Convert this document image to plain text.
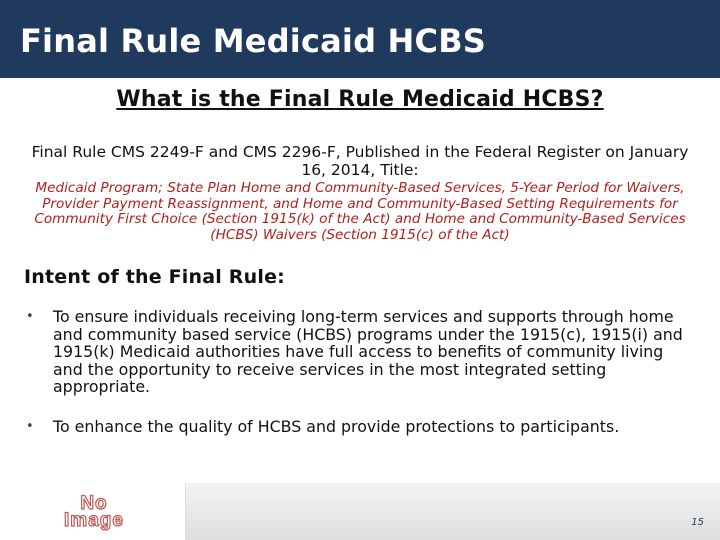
Final Rule Medicaid HCBS
What is the Final Rule Medicaid HCBS?
Final Rule CMS 2249-F and CMS 2296-F, Published in the Federal Register on January 16, 2014, Title:
Medicaid Program; State Plan Home and Community-Based Services, 5-Year Period for Waivers, Provider Payment Reassignment, and Home and Community-Based Setting Requirements for Community First Choice (Section 1915(k) of the Act) and Home and Community-Based Services (HCBS) Waivers (Section 1915(c) of the Act)
Intent of the Final Rule:
• To ensure individuals receiving long-term services and supports through home and community based service (HCBS) programs under the 1915(c), 1915(i) and 1915(k) Medicaid authorities have full access to benefits of community living and the opportunity to receive services in the most integrated setting appropriate.
• To enhance the quality of HCBS and provide protections to participants.
No
Image	15
